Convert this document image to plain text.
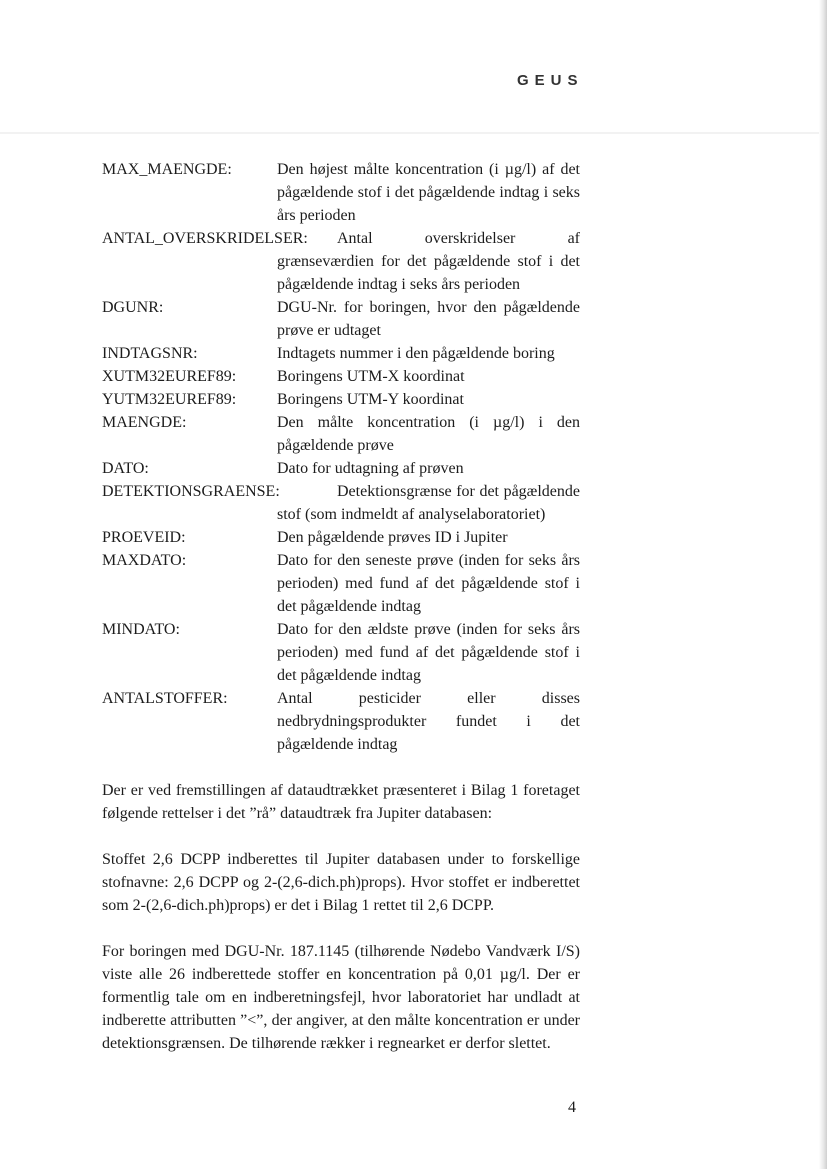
GEUS
MAX_MAENGDE:	Den højest målte koncentration (i µg/l) af det pågældende stof i det pågældende indtag i seks års perioden
ANTAL_OVERSKRIDELSER:	Antal overskridelser af grænseværdien for det pågældende stof i det pågældende indtag i seks års perioden
DGUNR:	DGU-Nr. for boringen, hvor den pågældende prøve er udtaget
INDTAGSNR:	Indtagets nummer i den pågældende boring
XUTM32EUREF89:	Boringens UTM-X koordinat
YUTM32EUREF89:	Boringens UTM-Y koordinat
MAENGDE:	Den målte koncentration (i µg/l) i den pågældende prøve
DATO:	Dato for udtagning af prøven
DETEKTIONSGRAENSE:	Detektionsgrænse for det pågældende stof (som indmeldt af analyselaboratoriet)
PROEVEID:	Den pågældende prøves ID i Jupiter
MAXDATO:	Dato for den seneste prøve (inden for seks års perioden) med fund af det pågældende stof i det pågældende indtag
MINDATO:	Dato for den ældste prøve (inden for seks års perioden) med fund af det pågældende stof i det pågældende indtag
ANTALSTOFFER:	Antal pesticider eller disses nedbrydningsprodukter fundet i det pågældende indtag

Der er ved fremstillingen af dataudtrækket præsenteret i Bilag 1 foretaget følgende rettelser i det ”rå” dataudtræk fra Jupiter databasen:

Stoffet 2,6 DCPP indberettes til Jupiter databasen under to forskellige stofnavne: 2,6 DCPP og 2-(2,6-dich.ph)props). Hvor stoffet er indberettet som 2-(2,6-dich.ph)props) er det i Bilag 1 rettet til 2,6 DCPP.

For boringen med DGU-Nr. 187.1145 (tilhørende Nødebo Vandværk I/S) viste alle 26 indberettede stoffer en koncentration på 0,01 µg/l. Der er formentlig tale om en indberetningsfejl, hvor laboratoriet har undladt at indberette attributten ”<”, der angiver, at den målte koncentration er under detektionsgrænsen. De tilhørende rækker i regnearket er derfor slettet.

4
